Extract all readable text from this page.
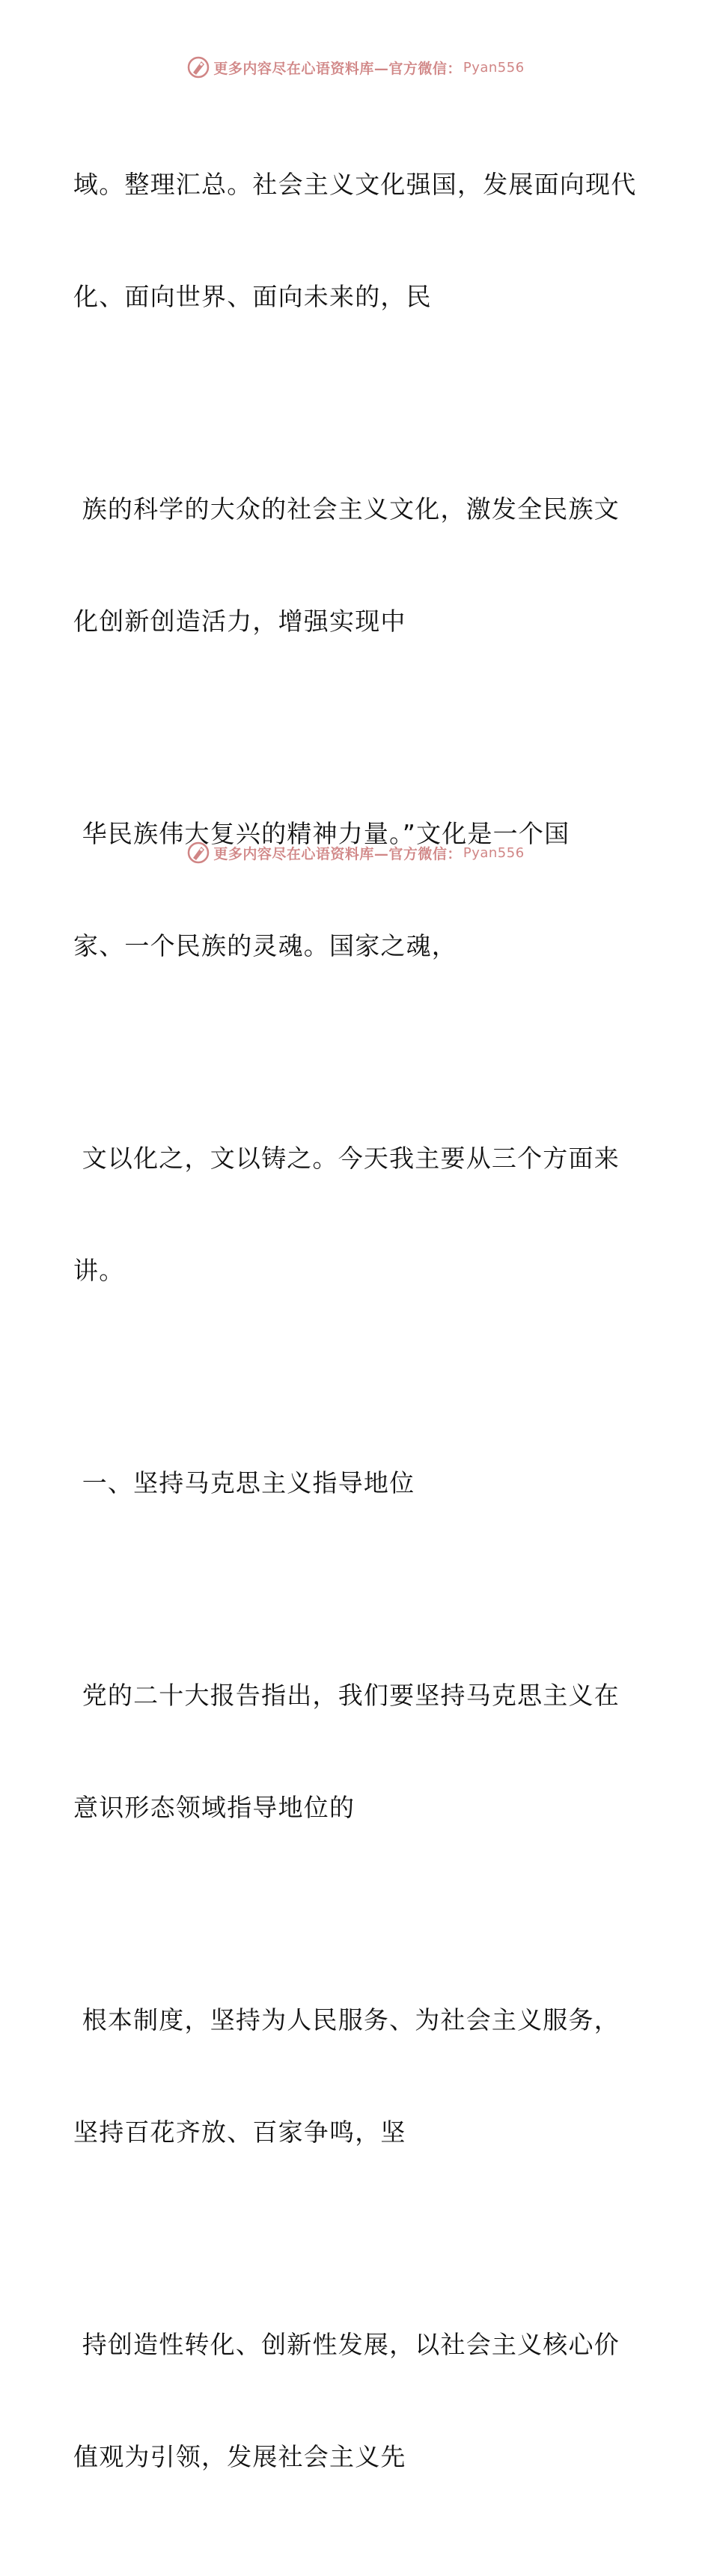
更多内容尽在心语资料库—官方微信： Pyan556

域。整理汇总。社会主义文化强国，发展面向现代

化、面向世界、面向未来的，民

族的科学的大众的社会主义文化，激发全民族文

化创新创造活力，增强实现中

华民族伟大复兴的精神力量。”文化是一个国

家、一个民族的灵魂。国家之魂，

文以化之，文以铸之。今天我主要从三个方面来

讲。

一、坚持马克思主义指导地位

党的二十大报告指出，我们要坚持马克思主义在

意识形态领域指导地位的

根本制度，坚持为人民服务、为社会主义服务，

坚持百花齐放、百家争鸣，坚

持创造性转化、创新性发展，以社会主义核心价

值观为引领，发展社会主义先

更多内容尽在心语资料库—官方微信： Pyan556
